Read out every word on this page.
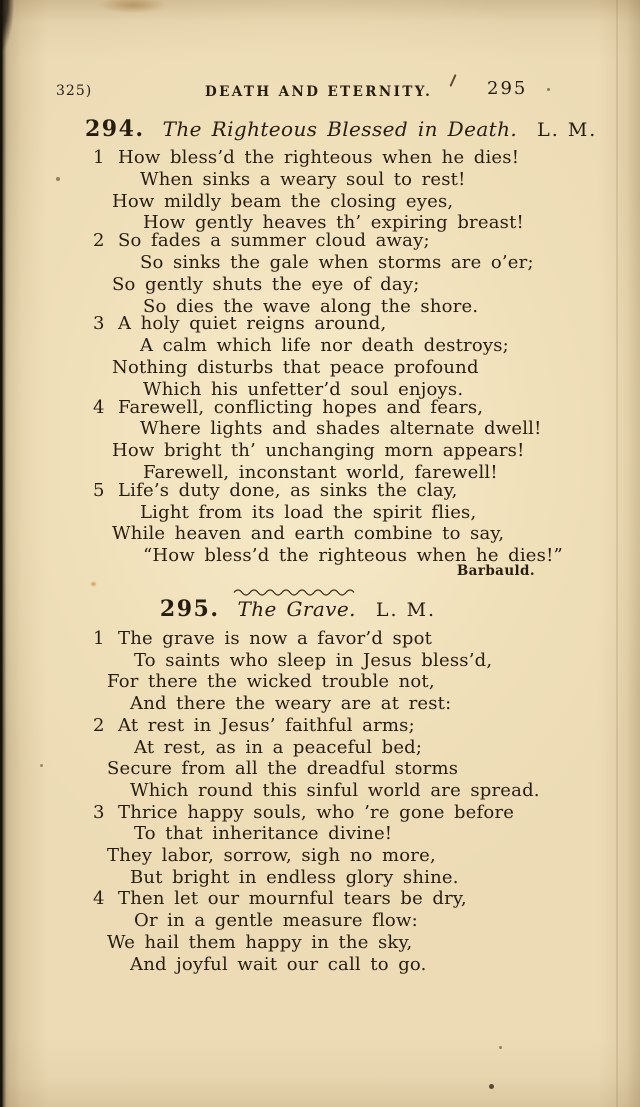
325)	DEATH AND ETERNITY.	295
294. The Righteous Blessed in Death. L. M.

1 How bless’d the righteous when he dies!

When sinks a weary soul to rest!

How mildly beam the closing eyes,

How gently heaves th’ expiring breast!

2 So fades a summer cloud away;

So sinks the gale when storms are o’er;

So gently shuts the eye of day;

So dies the wave along the shore.

3 A holy quiet reigns around,

A calm which life nor death destroys;

Nothing disturbs that peace profound

Which his unfetter’d soul enjoys.

4 Farewell, conflicting hopes and fears,

Where lights and shades alternate dwell!

How bright th’ unchanging morn appears!

Farewell, inconstant world, farewell!

5 Life’s duty done, as sinks the clay,

Light from its load the spirit flies,

While heaven and earth combine to say,

“How bless’d the righteous when he dies!”

Barbauld.
295. The Grave. L. M.

1 The grave is now a favor’d spot

To saints who sleep in Jesus bless’d,

For there the wicked trouble not,

And there the weary are at rest:

2 At rest in Jesus’ faithful arms;

At rest, as in a peaceful bed;

Secure from all the dreadful storms

Which round this sinful world are spread.

3 Thrice happy souls, who ’re gone before

To that inheritance divine!

They labor, sorrow, sigh no more,

But bright in endless glory shine.

4 Then let our mournful tears be dry,

Or in a gentle measure flow:

We hail them happy in the sky,

And joyful wait our call to go.
